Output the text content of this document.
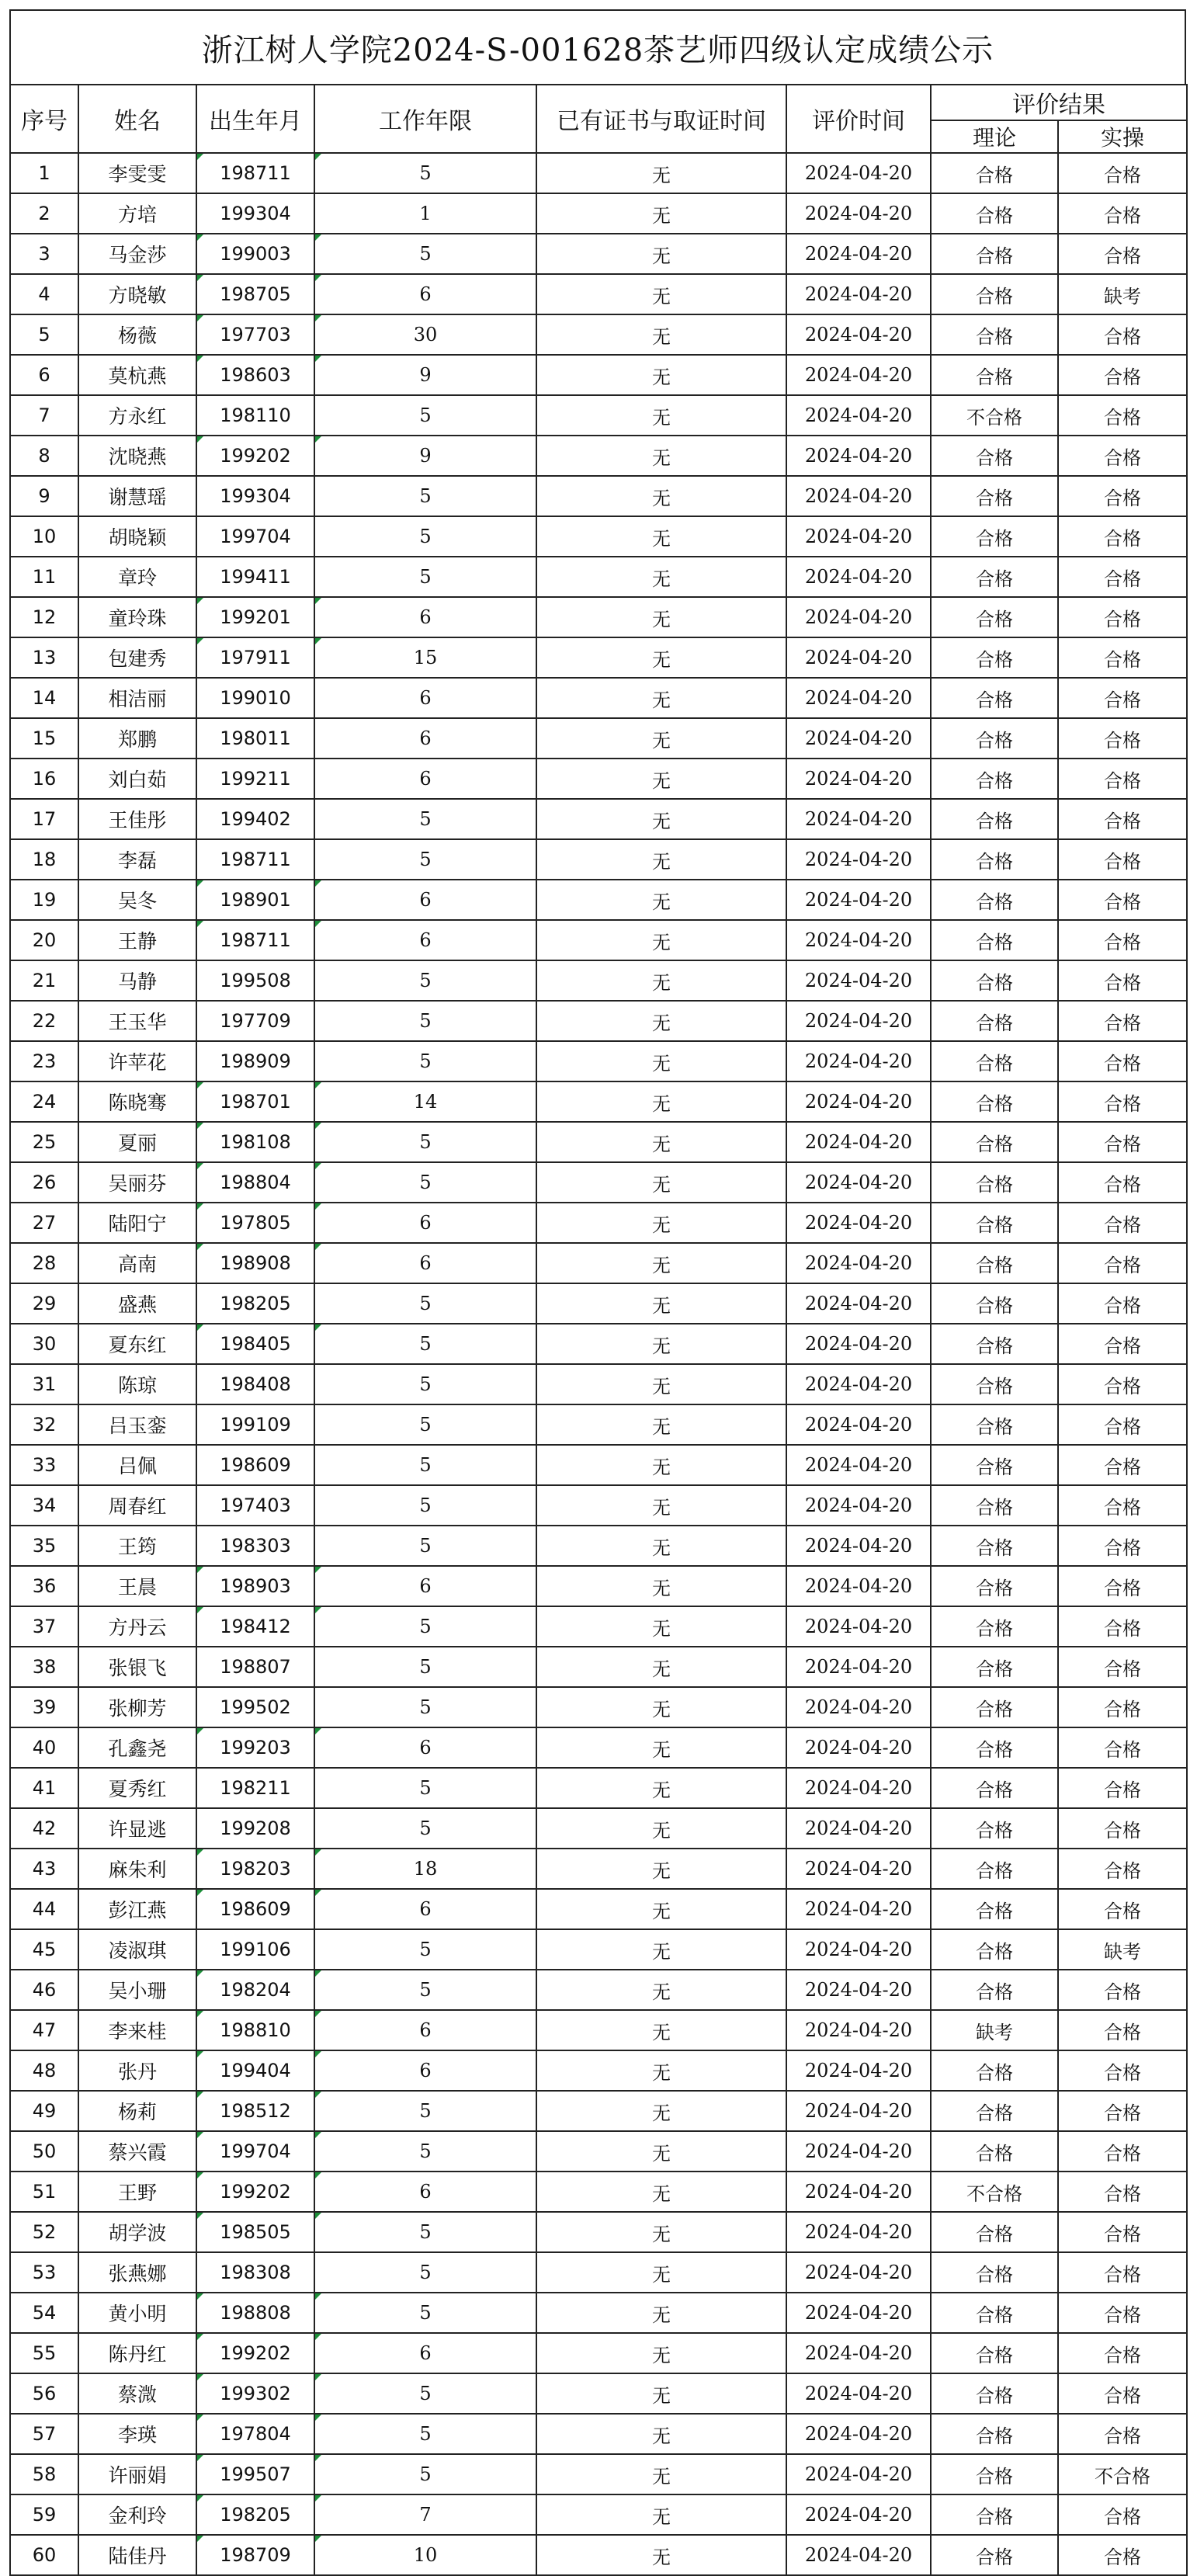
浙江树人学院2024-S-001628茶艺师四级认定成绩公示
序号	姓名	出生年月	工作年限	已有证书与取证时间	评价时间	评价结果	
						理论	实操
1	李雯雯	198711	5	无	2024-04-20	合格	合格
2	方培	199304	1	无	2024-04-20	合格	合格
3	马金莎	199003	5	无	2024-04-20	合格	合格
4	方晓敏	198705	6	无	2024-04-20	合格	缺考
5	杨薇	197703	30	无	2024-04-20	合格	合格
6	莫杭燕	198603	9	无	2024-04-20	合格	合格
7	方永红	198110	5	无	2024-04-20	不合格	合格
8	沈晓燕	199202	9	无	2024-04-20	合格	合格
9	谢慧瑶	199304	5	无	2024-04-20	合格	合格
10	胡晓颖	199704	5	无	2024-04-20	合格	合格
11	章玲	199411	5	无	2024-04-20	合格	合格
12	童玲珠	199201	6	无	2024-04-20	合格	合格
13	包建秀	197911	15	无	2024-04-20	合格	合格
14	相洁丽	199010	6	无	2024-04-20	合格	合格
15	郑鹏	198011	6	无	2024-04-20	合格	合格
16	刘白茹	199211	6	无	2024-04-20	合格	合格
17	王佳彤	199402	5	无	2024-04-20	合格	合格
18	李磊	198711	5	无	2024-04-20	合格	合格
19	吴冬	198901	6	无	2024-04-20	合格	合格
20	王静	198711	6	无	2024-04-20	合格	合格
21	马静	199508	5	无	2024-04-20	合格	合格
22	王玉华	197709	5	无	2024-04-20	合格	合格
23	许苹花	198909	5	无	2024-04-20	合格	合格
24	陈晓骞	198701	14	无	2024-04-20	合格	合格
25	夏丽	198108	5	无	2024-04-20	合格	合格
26	吴丽芬	198804	5	无	2024-04-20	合格	合格
27	陆阳宁	197805	6	无	2024-04-20	合格	合格
28	高南	198908	6	无	2024-04-20	合格	合格
29	盛燕	198205	5	无	2024-04-20	合格	合格
30	夏东红	198405	5	无	2024-04-20	合格	合格
31	陈琼	198408	5	无	2024-04-20	合格	合格
32	吕玉銮	199109	5	无	2024-04-20	合格	合格
33	吕佩	198609	5	无	2024-04-20	合格	合格
34	周春红	197403	5	无	2024-04-20	合格	合格
35	王筠	198303	5	无	2024-04-20	合格	合格
36	王晨	198903	6	无	2024-04-20	合格	合格
37	方丹云	198412	5	无	2024-04-20	合格	合格
38	张银飞	198807	5	无	2024-04-20	合格	合格
39	张柳芳	199502	5	无	2024-04-20	合格	合格
40	孔鑫尧	199203	6	无	2024-04-20	合格	合格
41	夏秀红	198211	5	无	2024-04-20	合格	合格
42	许显逃	199208	5	无	2024-04-20	合格	合格
43	麻朱利	198203	18	无	2024-04-20	合格	合格
44	彭江燕	198609	6	无	2024-04-20	合格	合格
45	凌淑琪	199106	5	无	2024-04-20	合格	缺考
46	吴小珊	198204	5	无	2024-04-20	合格	合格
47	李来桂	198810	6	无	2024-04-20	缺考	合格
48	张丹	199404	6	无	2024-04-20	合格	合格
49	杨莉	198512	5	无	2024-04-20	合格	合格
50	蔡兴霞	199704	5	无	2024-04-20	合格	合格
51	王野	199202	6	无	2024-04-20	不合格	合格
52	胡学波	198505	5	无	2024-04-20	合格	合格
53	张燕娜	198308	5	无	2024-04-20	合格	合格
54	黄小明	198808	5	无	2024-04-20	合格	合格
55	陈丹红	199202	6	无	2024-04-20	合格	合格
56	蔡溦	199302	5	无	2024-04-20	合格	合格
57	李瑛	197804	5	无	2024-04-20	合格	合格
58	许丽娟	199507	5	无	2024-04-20	合格	不合格
59	金利玲	198205	7	无	2024-04-20	合格	合格
60	陆佳丹	198709	10	无	2024-04-20	合格	合格
